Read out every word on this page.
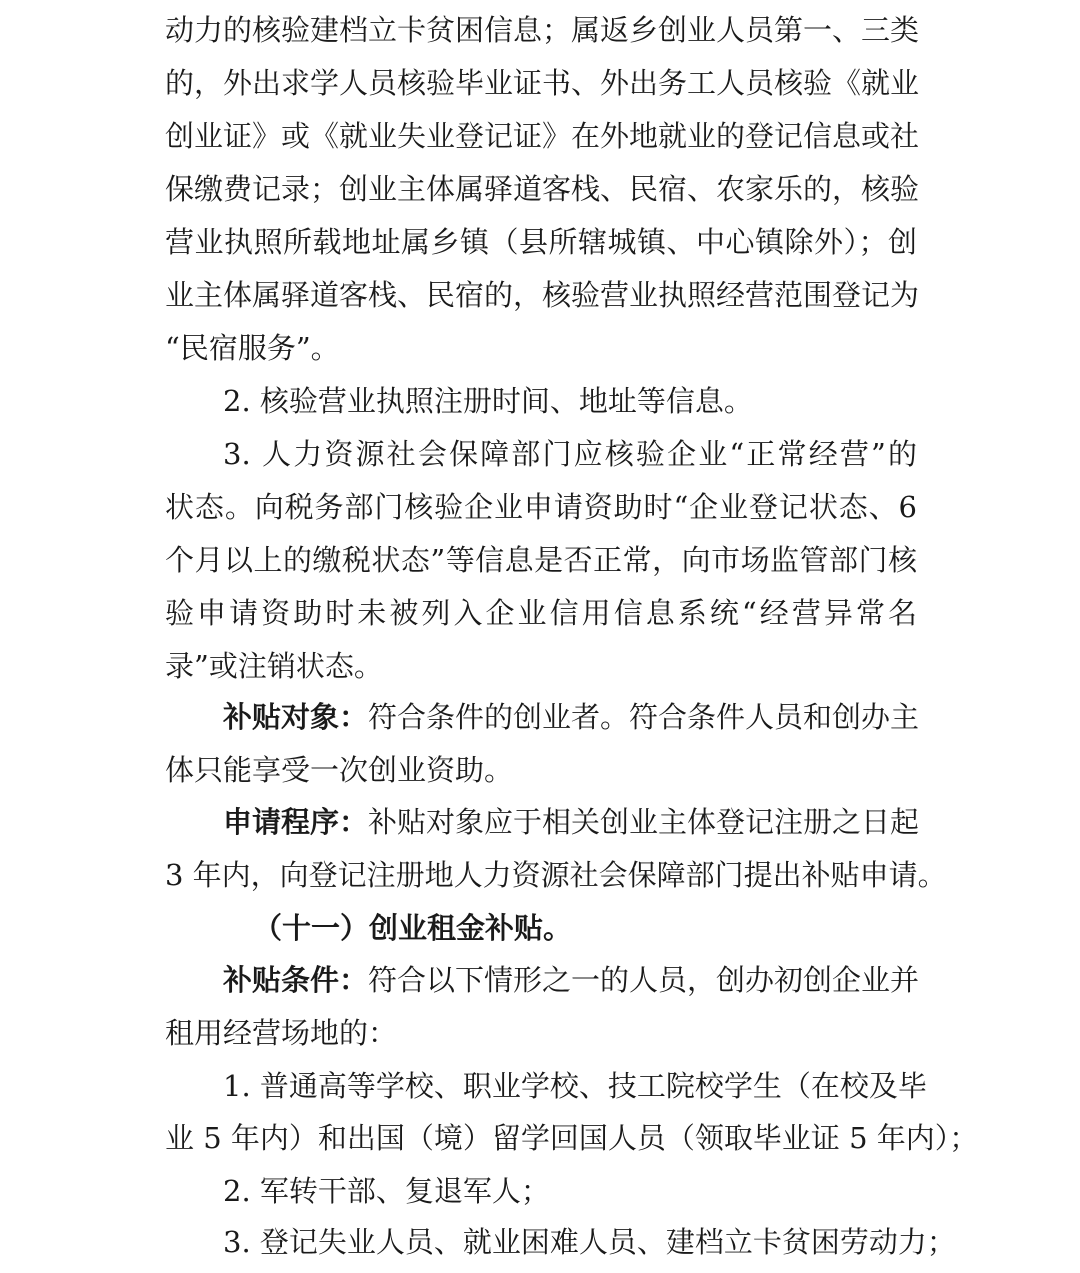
动力的核验建档立卡贫困信息；属返乡创业人员第一、三类
的，外出求学人员核验毕业证书、外出务工人员核验《就业
创业证》或《就业失业登记证》在外地就业的登记信息或社
保缴费记录；创业主体属驿道客栈、民宿、农家乐的，核验
营业执照所载地址属乡镇（县所辖城镇、中心镇除外）；创
业主体属驿道客栈、民宿的，核验营业执照经营范围登记为
“民宿服务”。
2. 核验营业执照注册时间、地址等信息。
3. 人力资源社会保障部门应核验企业“正常经营”的
状态。向税务部门核验企业申请资助时“企业登记状态、6
个月以上的缴税状态”等信息是否正常，向市场监管部门核
验申请资助时未被列入企业信用信息系统“经营异常名
录”或注销状态。
补贴对象：符合条件的创业者。符合条件人员和创办主
体只能享受一次创业资助。
申请程序：补贴对象应于相关创业主体登记注册之日起
3 年内，向登记注册地人力资源社会保障部门提出补贴申请。
（十一）创业租金补贴。
补贴条件：符合以下情形之一的人员，创办初创企业并
租用经营场地的：
1. 普通高等学校、职业学校、技工院校学生（在校及毕
业 5 年内）和出国（境）留学回国人员（领取毕业证 5 年内）；
2. 军转干部、复退军人；
3. 登记失业人员、就业困难人员、建档立卡贫困劳动力；
